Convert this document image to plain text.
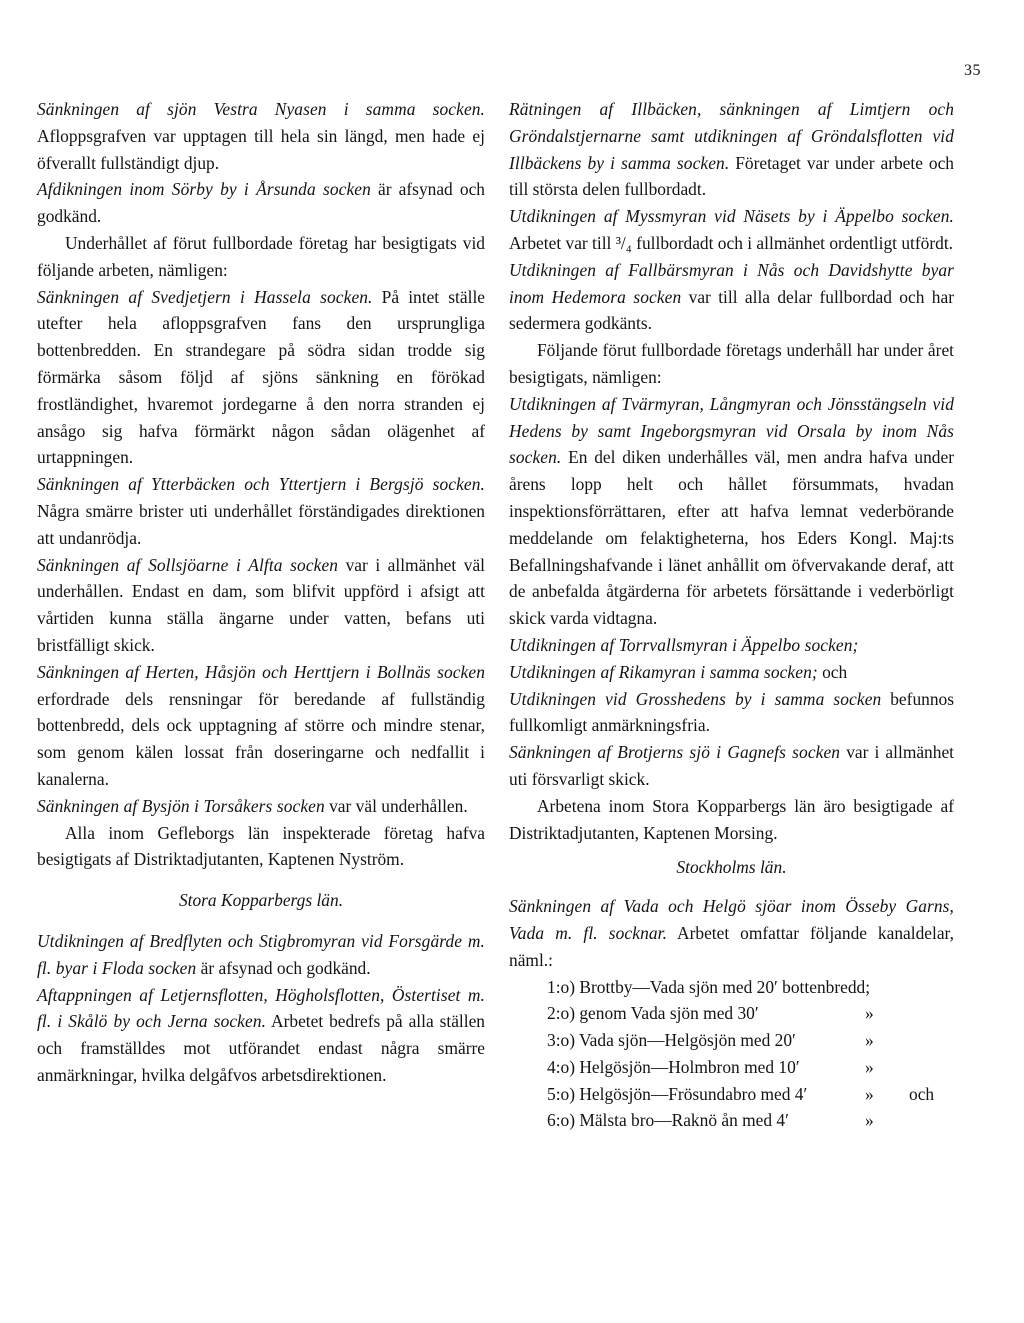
35

Sänkningen af sjön Vestra Nyasen i samma socken. Afloppsgrafven var upptagen till hela sin längd, men hade ej öfverallt fullständigt djup.

Afdikningen inom Sörby by i Årsunda socken är afsynad och godkänd.

Underhållet af förut fullbordade företag har besigtigats vid följande arbeten, nämligen:

Sänkningen af Svedjetjern i Hassela socken. På intet ställe utefter hela afloppsgrafven fans den ursprungliga bottenbredden. En strandegare på södra sidan trodde sig förmärka såsom följd af sjöns sänkning en förökad frostländighet, hvaremot jordegarne å den norra stranden ej ansågo sig hafva förmärkt någon sådan olägenhet af urtappningen.

Sänkningen af Ytterbäcken och Yttertjern i Bergsjö socken. Några smärre brister uti underhållet förständigades direktionen att undanrödja.

Sänkningen af Sollsjöarne i Alfta socken var i allmänhet väl underhållen. Endast en dam, som blifvit uppförd i afsigt att vårtiden kunna ställa ängarne under vatten, befans uti bristfälligt skick.

Sänkningen af Herten, Håsjön och Herttjern i Bollnäs socken erfordrade dels rensningar för beredande af fullständig bottenbredd, dels ock upptagning af större och mindre stenar, som genom kälen lossat från doseringarne och nedfallit i kanalerna.

Sänkningen af Bysjön i Torsåkers socken var väl underhållen.

Alla inom Gefleborgs län inspekterade företag hafva besigtigats af Distriktadjutanten, Kaptenen Nyström.

Stora Kopparbergs län.

Utdikningen af Bredflyten och Stigbromyran vid Forsgärde m. fl. byar i Floda socken är afsynad och godkänd.

Aftappningen af Letjernsflotten, Högholsflotten, Östertiset m. fl. i Skålö by och Jerna socken. Arbetet bedrefs på alla ställen och framställdes mot utförandet endast några smärre anmärkningar, hvilka delgåfvos arbetsdirektionen.

Rätningen af Illbäcken, sänkningen af Limtjern och Gröndalstjernarne samt utdikningen af Gröndalsflotten vid Illbäckens by i samma socken. Företaget var under arbete och till största delen fullbordadt.

Utdikningen af Myssmyran vid Näsets by i Äppelbo socken. Arbetet var till ³/₄ fullbordadt och i allmänhet ordentligt utfördt.

Utdikningen af Fallbärsmyran i Nås och Davidshytte byar inom Hedemora socken var till alla delar fullbordad och har sedermera godkänts.

Följande förut fullbordade företags underhåll har under året besigtigats, nämligen:

Utdikningen af Tvärmyran, Långmyran och Jönsstängseln vid Hedens by samt Ingeborgsmyran vid Orsala by inom Nås socken. En del diken underhålles väl, men andra hafva under årens lopp helt och hållet försummats, hvadan inspektionsförrättaren, efter att hafva lemnat vederbörande meddelande om felaktigheterna, hos Eders Kongl. Maj:ts Befallningshafvande i länet anhållit om öfvervakande deraf, att de anbefalda åtgärderna för arbetets försättande i vederbörligt skick varda vidtagna.

Utdikningen af Torrvallsmyran i Äppelbo socken;

Utdikningen af Rikamyran i samma socken; och

Utdikningen vid Grosshedens by i samma socken befunnos fullkomligt anmärkningsfria.

Sänkningen af Brotjerns sjö i Gagnefs socken var i allmänhet uti försvarligt skick.

Arbetena inom Stora Kopparbergs län äro besigtigade af Distriktadjutanten, Kaptenen Morsing.

Stockholms län.

Sänkningen af Vada och Helgö sjöar inom Össeby Garns, Vada m. fl. socknar. Arbetet omfattar följande kanaldelar, näml.:

1:o) Brottby—Vada sjön med 20′ bottenbredd;
2:o) genom Vada sjön med 30′	»
3:o) Vada sjön—Helgösjön med 20′	»
4:o) Helgösjön—Holmbron med 10′	»
5:o) Helgösjön—Frösundabro med 4′	»	och
6:o) Mälsta bro—Raknö ån med 4′	»
